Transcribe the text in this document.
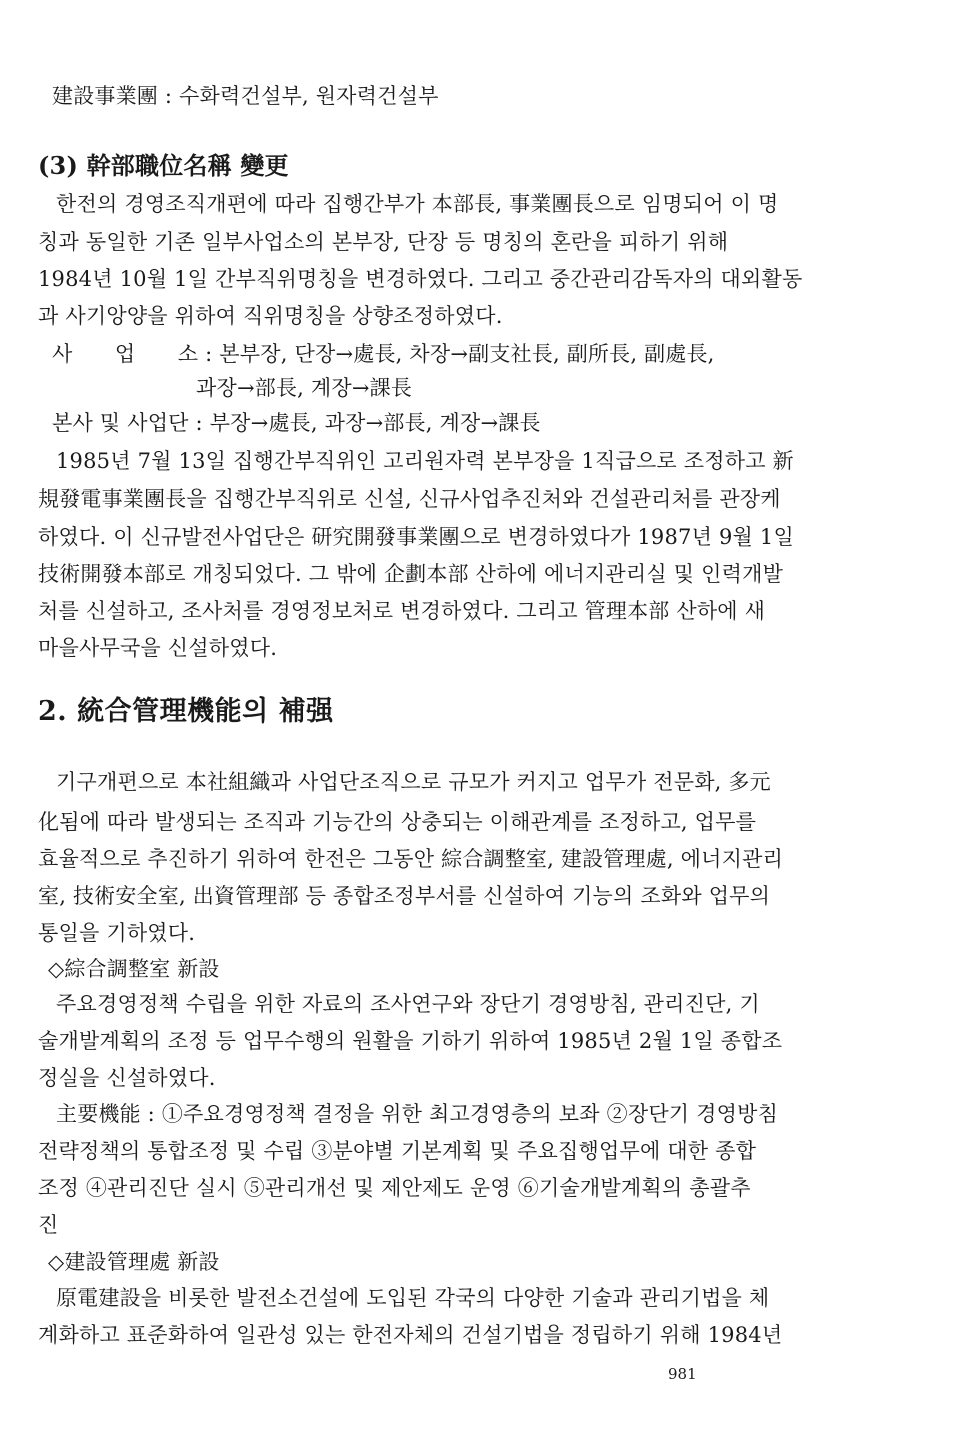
建設事業團 : 수화력건설부, 원자력건설부
(3) 幹部職位名稱 變更
한전의 경영조직개편에 따라 집행간부가 本部長, 事業團長으로 임명되어 이 명
칭과 동일한 기존 일부사업소의 본부장, 단장 등 명칭의 혼란을 피하기 위해
1984년 10월 1일 간부직위명칭을 변경하였다. 그리고 중간관리감독자의 대외활동
과 사기앙양을 위하여 직위명칭을 상향조정하였다.
사　　업　　소 : 본부장, 단장→處長, 차장→副支社長, 副所長, 副處長,
과장→部長, 계장→課長
본사 및 사업단 : 부장→處長, 과장→部長, 계장→課長
1985년 7월 13일 집행간부직위인 고리원자력 본부장을 1직급으로 조정하고 新
規發電事業團長을 집행간부직위로 신설, 신규사업추진처와 건설관리처를 관장케
하였다. 이 신규발전사업단은 研究開發事業團으로 변경하였다가 1987년 9월 1일
技術開發本部로 개칭되었다. 그 밖에 企劃本部 산하에 에너지관리실 및 인력개발
처를 신설하고, 조사처를 경영정보처로 변경하였다. 그리고 管理本部 산하에 새
마을사무국을 신설하였다.
2. 統合管理機能의 補强
기구개편으로 本社組織과 사업단조직으로 규모가 커지고 업무가 전문화, 多元
化됨에 따라 발생되는 조직과 기능간의 상충되는 이해관계를 조정하고, 업무를
효율적으로 추진하기 위하여 한전은 그동안 綜合調整室, 建設管理處, 에너지관리
室, 技術安全室, 出資管理部 등 종합조정부서를 신설하여 기능의 조화와 업무의
통일을 기하였다.
◇綜合調整室 新設
주요경영정책 수립을 위한 자료의 조사연구와 장단기 경영방침, 관리진단, 기
술개발계획의 조정 등 업무수행의 원활을 기하기 위하여 1985년 2월 1일 종합조
정실을 신설하였다.
主要機能 : ①주요경영정책 결정을 위한 최고경영층의 보좌 ②장단기 경영방침
전략정책의 통합조정 및 수립 ③분야별 기본계획 및 주요집행업무에 대한 종합
조정 ④관리진단 실시 ⑤관리개선 및 제안제도 운영 ⑥기술개발계획의 총괄추
진
◇建設管理處 新設
原電建設을 비롯한 발전소건설에 도입된 각국의 다양한 기술과 관리기법을 체
계화하고 표준화하여 일관성 있는 한전자체의 건설기법을 정립하기 위해 1984년
981
